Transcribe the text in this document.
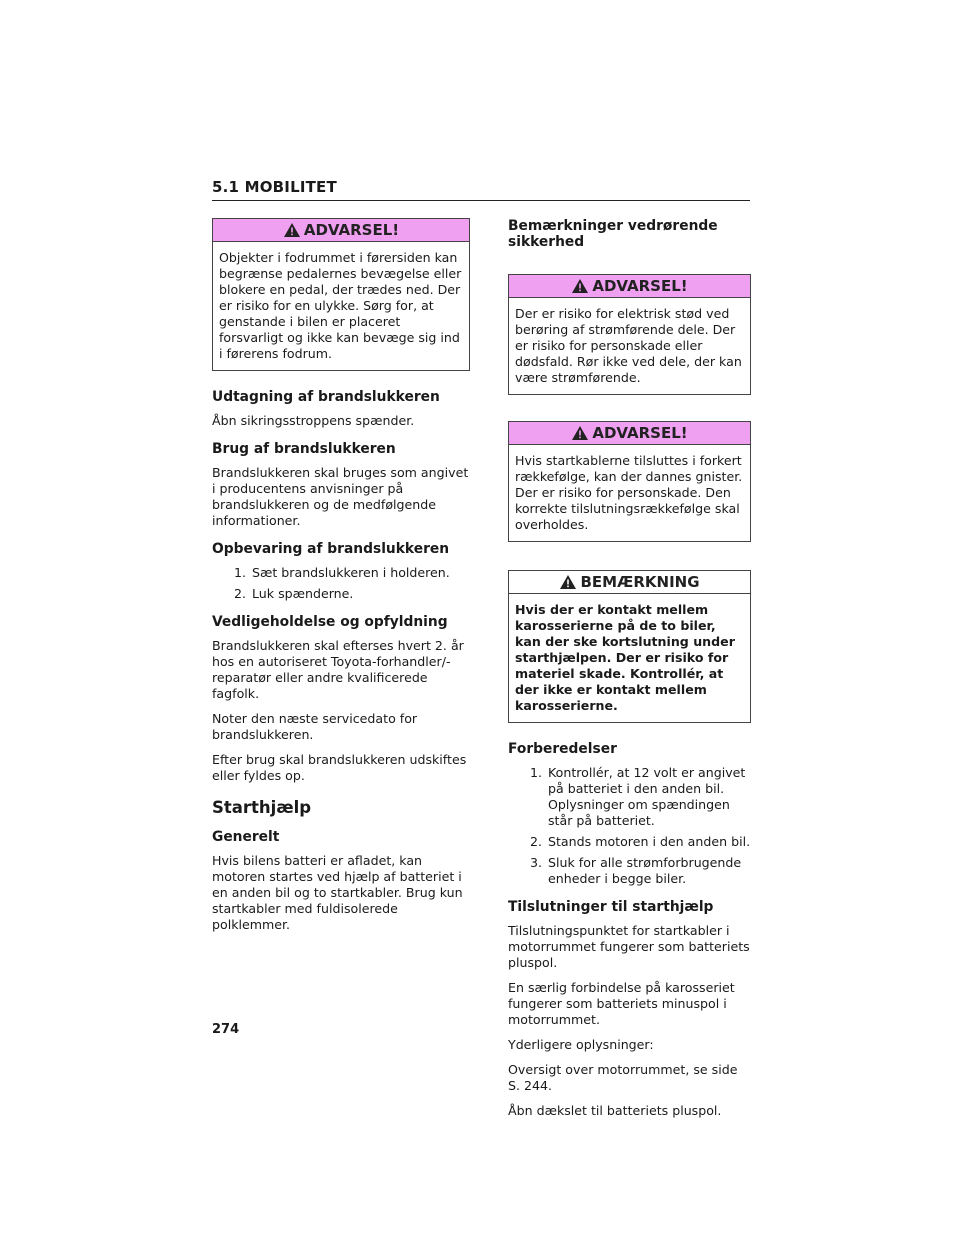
5.1 MOBILITET
ADVARSEL!
Objekter i fodrummet i førersiden kan begrænse pedalernes bevægelse eller blokere en pedal, der trædes ned. Der er risiko for en ulykke. Sørg for, at genstande i bilen er placeret forsvarligt og ikke kan bevæge sig ind i førerens fodrum.
Udtagning af brandslukkeren

Åbn sikringsstroppens spænder.

Brug af brandslukkeren

Brandslukkeren skal bruges som angivet i producentens anvisninger på brandslukkeren og de medfølgende informationer.

Opbevaring af brandslukkeren
1. Sæt brandslukkeren i holderen.
2. Luk spænderne.
Vedligeholdelse og opfyldning

Brandslukkeren skal efterses hvert 2. år hos en autoriseret Toyota-forhandler/-reparatør eller andre kvalificerede fagfolk.

Noter den næste servicedato for brandslukkeren.

Efter brug skal brandslukkeren udskiftes eller fyldes op.

Starthjælp
Generelt

Hvis bilens batteri er afladet, kan motoren startes ved hjælp af batteriet i en anden bil og to startkabler. Brug kun startkabler med fuldisolerede polklemmer.

Bemærkninger vedrørende sikkerhed
ADVARSEL!
Der er risiko for elektrisk stød ved berøring af strømførende dele. Der er risiko for personskade eller dødsfald. Rør ikke ved dele, der kan være strømførende.
ADVARSEL!
Hvis startkablerne tilsluttes i forkert rækkefølge, kan der dannes gnister. Der er risiko for personskade. Den korrekte tilslutningsrækkefølge skal overholdes.
BEMÆRKNING
Hvis der er kontakt mellem karosserierne på de to biler, kan der ske kortslutning under starthjælpen. Der er risiko for materiel skade. Kontrollér, at der ikke er kontakt mellem karosserierne.
Forberedelser
1. Kontrollér, at 12 volt er angivet på batteriet i den anden bil. Oplysninger om spændingen står på batteriet.
2. Stands motoren i den anden bil.
3. Sluk for alle strømforbrugende enheder i begge biler.
Tilslutninger til starthjælp

Tilslutningspunktet for startkabler i motorrummet fungerer som batteriets pluspol.

En særlig forbindelse på karosseriet fungerer som batteriets minuspol i motorrummet.

Yderligere oplysninger:

Oversigt over motorrummet, se side S. 244.

Åbn dækslet til batteriets pluspol.

274
